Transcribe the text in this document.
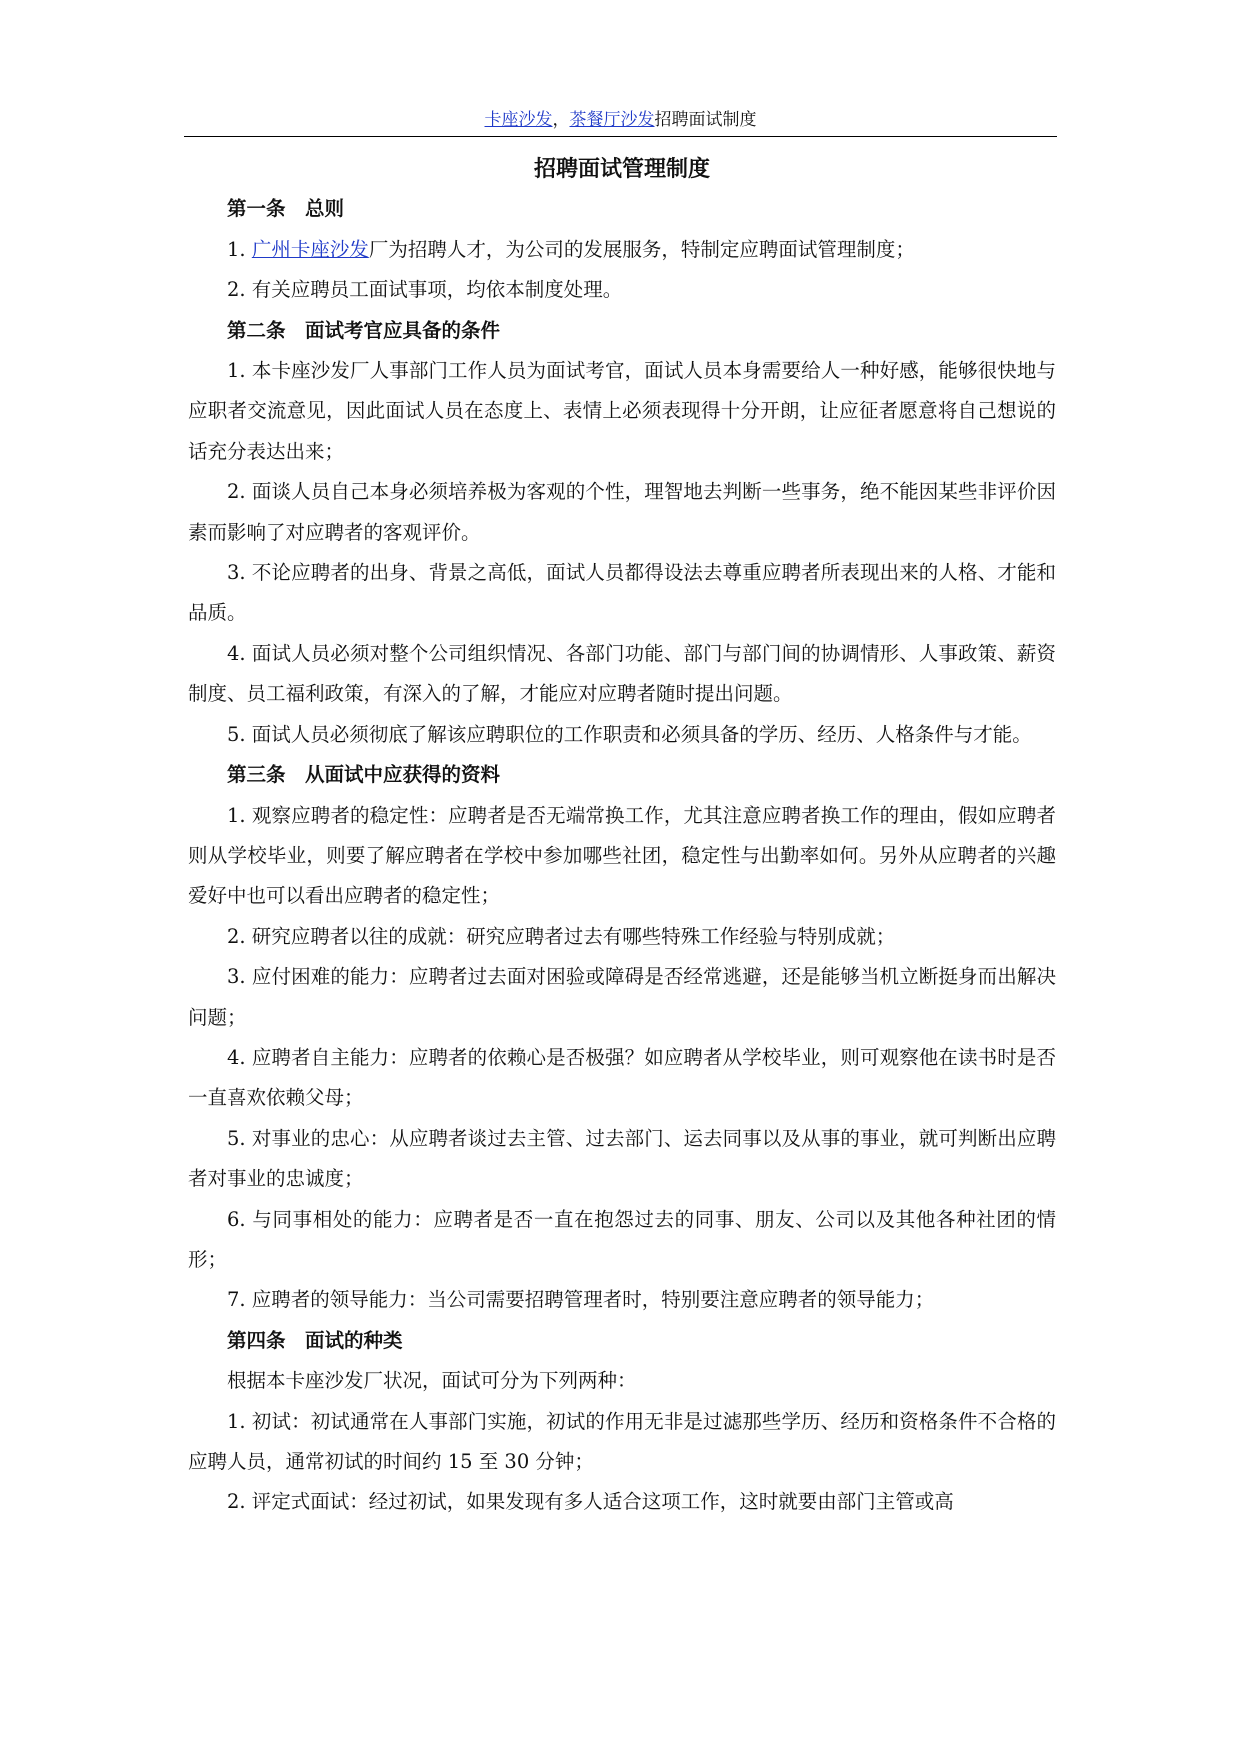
卡座沙发，茶餐厅沙发招聘面试制度

招聘面试管理制度

第一条　总则

1. 广州卡座沙发厂为招聘人才，为公司的发展服务，特制定应聘面试管理制度；

2. 有关应聘员工面试事项，均依本制度处理。

第二条　面试考官应具备的条件

1. 本卡座沙发厂人事部门工作人员为面试考官，面试人员本身需要给人一种好感，能够很快地与应职者交流意见，因此面试人员在态度上、表情上必须表现得十分开朗，让应征者愿意将自己想说的话充分表达出来；

2. 面谈人员自己本身必须培养极为客观的个性，理智地去判断一些事务，绝不能因某些非评价因素而影响了对应聘者的客观评价。

3. 不论应聘者的出身、背景之高低，面试人员都得设法去尊重应聘者所表现出来的人格、才能和品质。

4. 面试人员必须对整个公司组织情况、各部门功能、部门与部门间的协调情形、人事政策、薪资制度、员工福利政策，有深入的了解，才能应对应聘者随时提出问题。

5. 面试人员必须彻底了解该应聘职位的工作职责和必须具备的学历、经历、人格条件与才能。

第三条　从面试中应获得的资料

1. 观察应聘者的稳定性：应聘者是否无端常换工作，尤其注意应聘者换工作的理由，假如应聘者则从学校毕业，则要了解应聘者在学校中参加哪些社团，稳定性与出勤率如何。另外从应聘者的兴趣爱好中也可以看出应聘者的稳定性；

2. 研究应聘者以往的成就：研究应聘者过去有哪些特殊工作经验与特别成就；

3. 应付困难的能力：应聘者过去面对困验或障碍是否经常逃避，还是能够当机立断挺身而出解决问题；

4. 应聘者自主能力：应聘者的依赖心是否极强？如应聘者从学校毕业，则可观察他在读书时是否一直喜欢依赖父母；

5. 对事业的忠心：从应聘者谈过去主管、过去部门、运去同事以及从事的事业，就可判断出应聘者对事业的忠诚度；

6. 与同事相处的能力：应聘者是否一直在抱怨过去的同事、朋友、公司以及其他各种社团的情形；

7. 应聘者的领导能力：当公司需要招聘管理者时，特别要注意应聘者的领导能力；

第四条　面试的种类

根据本卡座沙发厂状况，面试可分为下列两种：

1. 初试：初试通常在人事部门实施，初试的作用无非是过滤那些学历、经历和资格条件不合格的应聘人员，通常初试的时间约 15 至 30 分钟；

2. 评定式面试：经过初试，如果发现有多人适合这项工作，这时就要由部门主管或高
